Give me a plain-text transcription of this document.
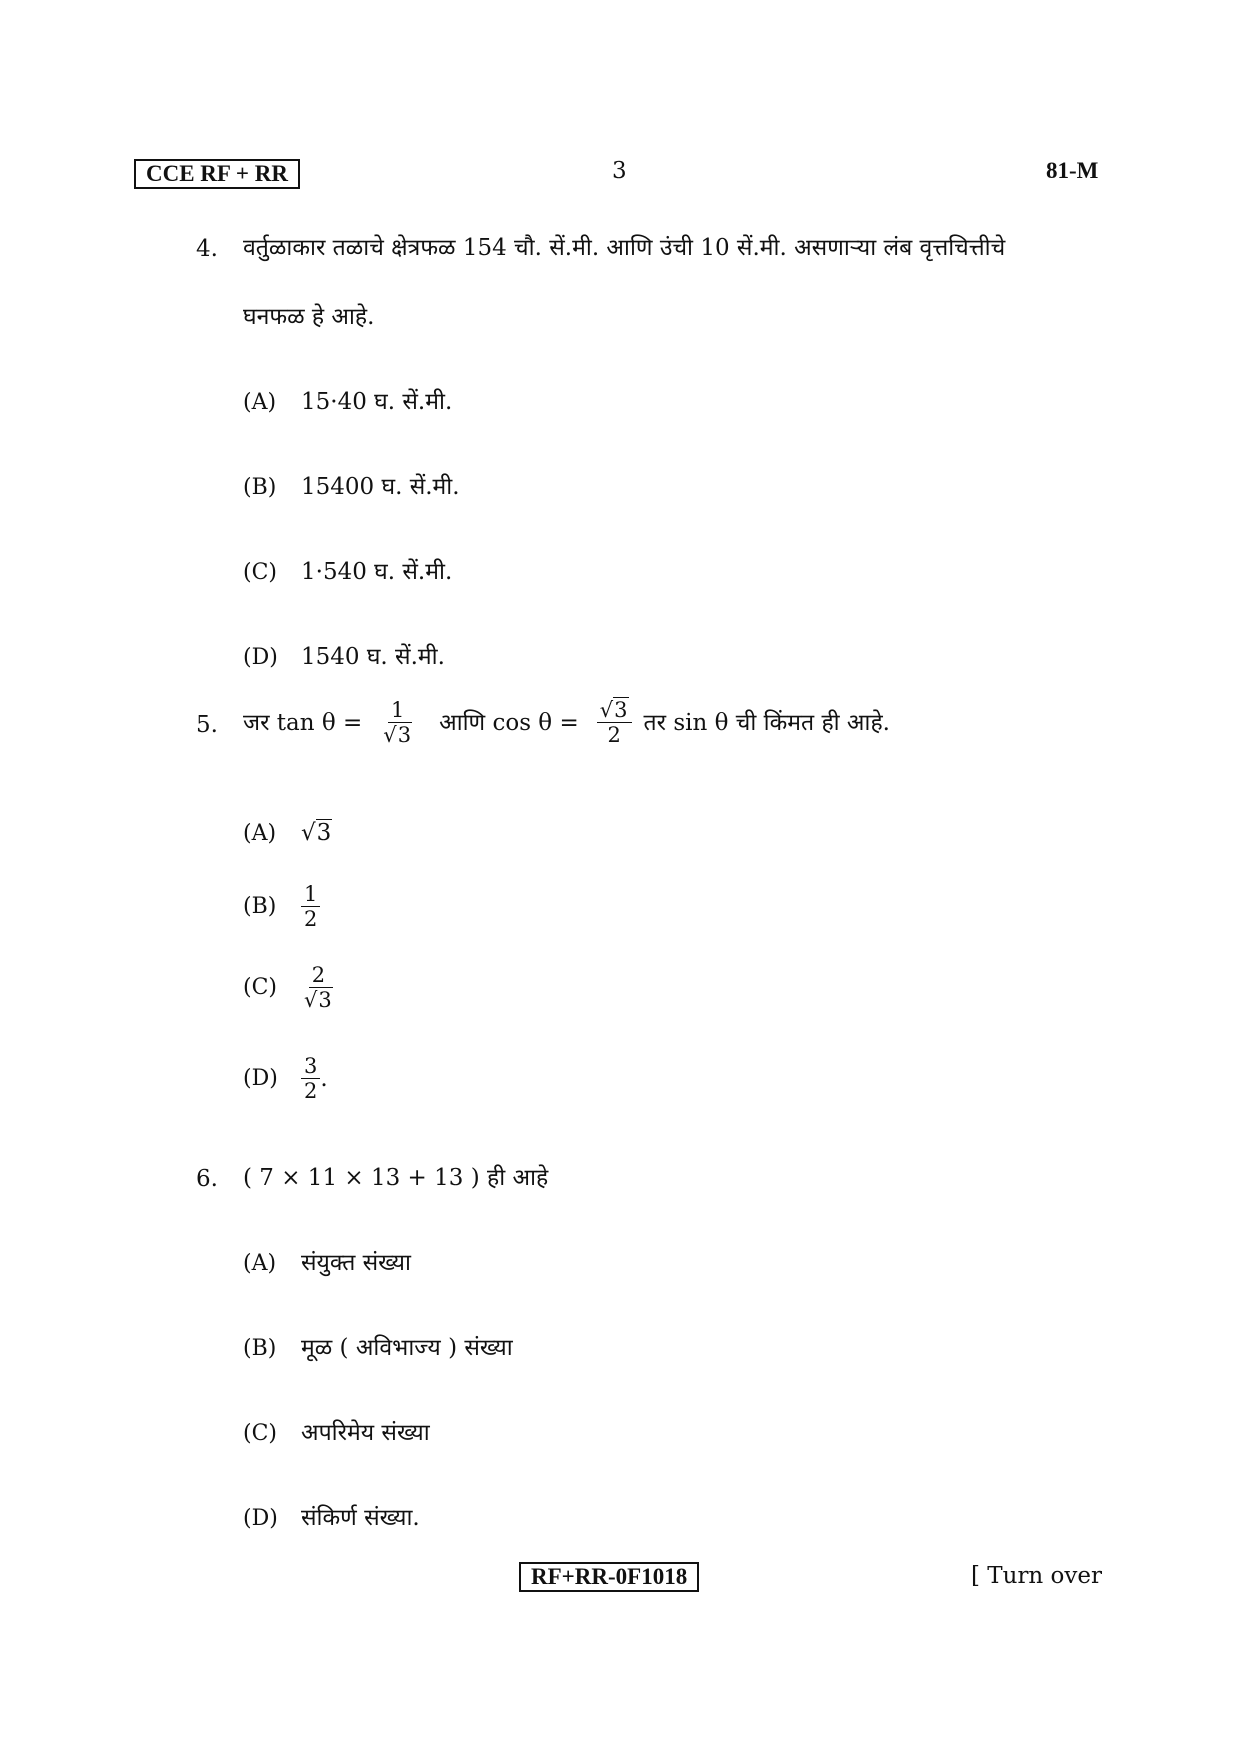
CCE RF + RR	3	81-M
4. वर्तुळाकार तळाचे क्षेत्रफळ 154 चौ. सें.मी. आणि उंची 10 सें.मी. असणाऱ्या लंब वृत्तचित्तीचे
घनफळ हे आहे.
(A)	15·40 घ. सें.मी.
(B)	15400 घ. सें.मी.
(C)	1·540 घ. सें.मी.
(D)	1540 घ. सें.मी.
5. जर $\tan \theta = \frac{1}{√3}$ आणि $\cos \theta = \frac{√3}{2}$ तर sin θ ची किंमत ही आहे.
(A)	√3
(B)	$\frac{1}{2}$
(C)	$\frac{2}{√3}$
(D)	$\frac{3}{2}$ .
6. ( 7 × 11 × 13 + 13 ) ही आहे
(A)	संयुक्त संख्या
(B)	मूळ ( अविभाज्य ) संख्या
(C)	अपरिमेय संख्या
(D)	संकिर्ण संख्या.
RF+RR-0F1018	[ Turn over
